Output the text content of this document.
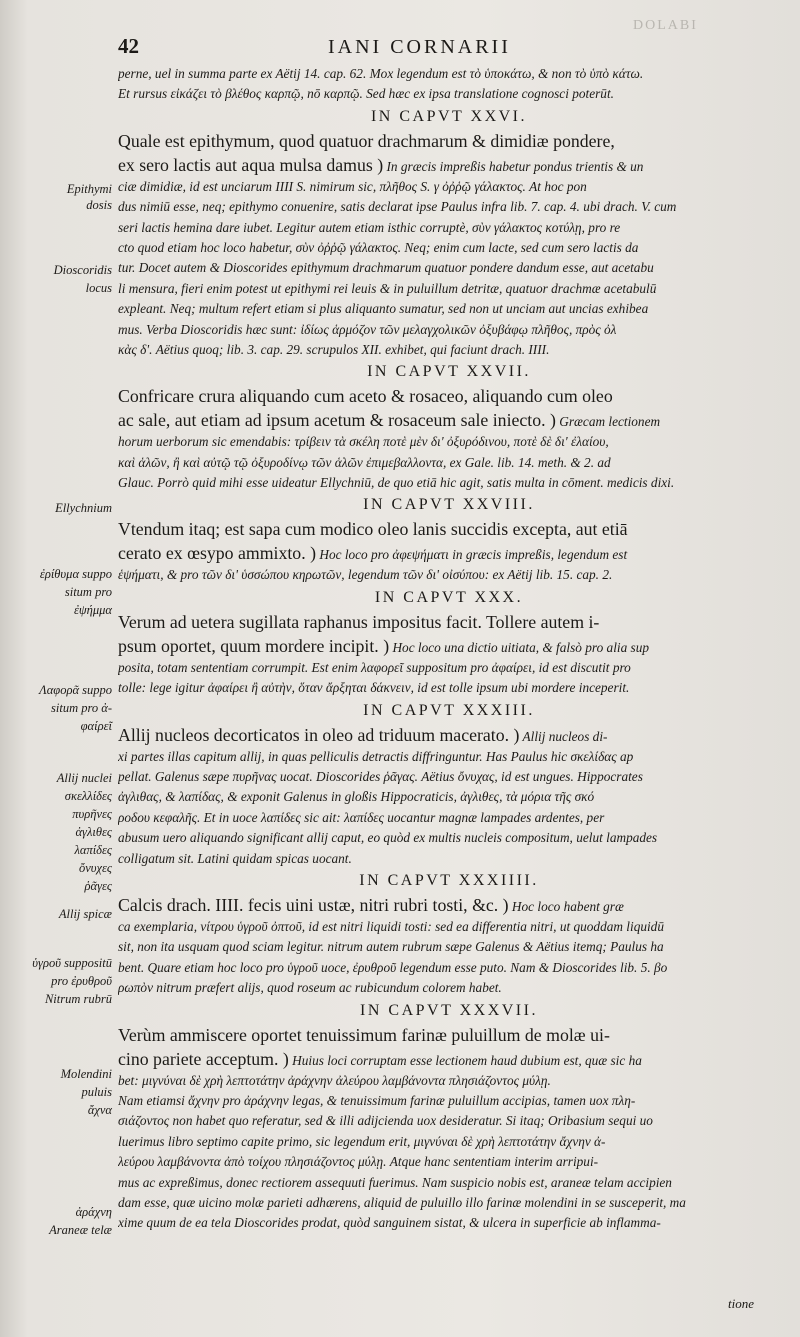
DOLABI
42	IANI CORNARII
Epithymi
dosis
Dioscoridis
locus
Ellychnium
ἐρίθυμα suppo
situm pro
ἐψήμμα
Λαφορᾶ suppo
situm pro ἀ-
φαίρεῖ
Allij nuclei
σκελλίδες
πυρῆνες
ἀγλιθες
λαπίδες
ὄνυχες
ῥᾶγες
Allij spicæ
ὑγροῦ suppositū
pro ἐρυθροῦ
Nitrum rubrū
Molendini
puluis
ἄχνα
ἀράχνη
Araneæ telæ
perne, uel in summa parte ex Aëtij 14. cap. 62. Mox legendum est τὸ ὑποκάτω, & non τὸ ὑπὸ κάτω.
Et rursus εἰκάζει τὸ βλέθος καρπῷ, nō καρπῷ. Sed hæc ex ipsa translatione cognosci poterūt.
IN CAPVT XXVI.
Quale est epithymum, quod quatuor drachmarum & dimidiæ pondere,
ex sero lactis aut aqua mulsa damus ) In græcis impreßis habetur pondus trientis & un
ciæ dimidiæ, id est unciarum IIII S. nimirum sic, πλῆθος S. γ ὀῤῥῷ γάλακτος. At hoc pon
dus nimiū esse, neq; epithymo conuenire, satis declarat ipse Paulus infra lib. 7. cap. 4. ubi drach. V. cum
seri lactis hemina dare iubet. Legitur autem etiam isthic corruptè, σὺν γάλακτος κοτύλῃ, pro re
cto quod etiam hoc loco habetur, σὺν ὀῤῥῷ γάλακτος. Neq; enim cum lacte, sed cum sero lactis da
tur. Docet autem & Dioscorides epithymum drachmarum quatuor pondere dandum esse, aut acetabu
li mensura, fieri enim potest ut epithymi rei leuis & in puluillum detritæ, quatuor drachmæ acetabulū
expleant. Neq; multum refert etiam si plus aliquanto sumatur, sed non ut unciam aut uncias exhibea
mus. Verba Dioscoridis hæc sunt: ἰδίως ἁρμόζον τῶν μελαγχολικῶν ὀξυβάφῳ πλῆθος, πρὸς ὀλ
κὰς δ'. Aëtius quoq; lib. 3. cap. 29. scrupulos XII. exhibet, qui faciunt drach. IIII.
IN CAPVT XXVII.
Confricare crura aliquando cum aceto & rosaceo, aliquando cum oleo
ac sale, aut etiam ad ipsum acetum & rosaceum sale iniecto. ) Græcam lectionem
horum uerborum sic emendabis: τρίβειν τὰ σκέλη ποτὲ μὲν δι' ὀξυρόδινου, ποτὲ δὲ δι' ἐλαίου,
καὶ ἁλῶν, ἢ καὶ αὐτῷ τῷ ὀξυροδίνῳ τῶν ἁλῶν ἐπιμεβαλλοντα, ex Gale. lib. 14. meth. & 2. ad
Glauc. Porrò quid mihi esse uideatur Ellychniū, de quo etiā hic agit, satis multa in cōment. medicis dixi.
IN CAPVT XXVIII.
Vtendum itaq; est sapa cum modico oleo lanis succidis excepta, aut etiā
cerato ex œsypo ammixto. ) Hoc loco pro ἀφεψήματι in græcis impreßis, legendum est
ἑψήματι, & pro τῶν δι' ὑσσώπου κηρωτῶν, legendum τῶν δι' οἰσύπου: ex Aëtij lib. 15. cap. 2.
IN CAPVT XXX.
Verum ad uetera sugillata raphanus impositus facit. Tollere autem i-
psum oportet, quum mordere incipit. ) Hoc loco una dictio uitiata, & falsò pro alia sup
posita, totam sententiam corrumpit. Est enim λαφορεῖ suppositum pro ἀφαίρει, id est discutit pro
tolle: lege igitur ἀφαίρει ἢ αὐτὴν, ὅταν ἄρξηται δάκνειν, id est tolle ipsum ubi mordere inceperit.
IN CAPVT XXXIII.
Allij nucleos decorticatos in oleo ad triduum macerato. ) Allij nucleos di-
xi partes illas capitum allij, in quas pelliculis detractis diffringuntur. Has Paulus hic σκελίδας ap
pellat. Galenus sæpe πυρῆνας uocat. Dioscorides ῥᾶγας. Aëtius ὄνυχας, id est ungues. Hippocrates
ἀγλιθας, & λαπίδας, & exponit Galenus in gloßis Hippocraticis, ἀγλιθες, τὰ μόρια τῆς σκό
ροδου κεφαλῆς. Et in uoce λαπίδες sic ait: λαπίδες uocantur magnæ lampades ardentes, per
abusum uero aliquando significant allij caput, eo quòd ex multis nucleis compositum, uelut lampades
colligatum sit. Latini quidam spicas uocant.
IN CAPVT XXXIIII.
Calcis drach. IIII. fecis uini ustæ, nitri rubri tosti, &c. ) Hoc loco habent græ
ca exemplaria, νίτρου ὑγροῦ ὀπτοῦ, id est nitri liquidi tosti: sed ea differentia nitri, ut quoddam liquidū
sit, non ita usquam quod sciam legitur. nitrum autem rubrum sæpe Galenus & Aëtius itemq; Paulus ha
bent. Quare etiam hoc loco pro ὑγροῦ uoce, ἐρυθροῦ legendum esse puto. Nam & Dioscorides lib. 5. βο
ρωπὸν nitrum præfert alijs, quod roseum ac rubicundum colorem habet.
IN CAPVT XXXVII.
Verùm ammiscere oportet tenuissimum farinæ puluillum de molæ ui-
cino pariete acceptum. ) Huius loci corruptam esse lectionem haud dubium est, quæ sic ha
bet: μιγνύναι δὲ χρὴ λεπτοτάτην ἀράχνην ἀλεύρου λαμβάνοντα πλησιάζοντος μύλῃ.
Nam etiamsi ἄχνην pro ἀράχνην legas, & tenuissimum farinæ puluillum accipias, tamen uox πλη-
σιάζοντος non habet quo referatur, sed & illi adijcienda uox desideratur. Si itaq; Oribasium sequi uo
luerimus libro septimo capite primo, sic legendum erit, μιγνύναι δὲ χρὴ λεπτοτάτην ἄχνην ἀ-
λεύρου λαμβάνοντα ἀπὸ τοίχου πλησιάζοντος μύλῃ. Atque hanc sententiam interim arripui-
mus ac expreßimus, donec rectiorem assequuti fuerimus. Nam suspicio nobis est, araneæ telam accipien
dam esse, quæ uicino molæ parieti adhærens, aliquid de puluillo illo farinæ molendini in se susceperit, ma
xime quum de ea tela Dioscorides prodat, quòd sanguinem sistat, & ulcera in superficie ab inflamma-
tione
